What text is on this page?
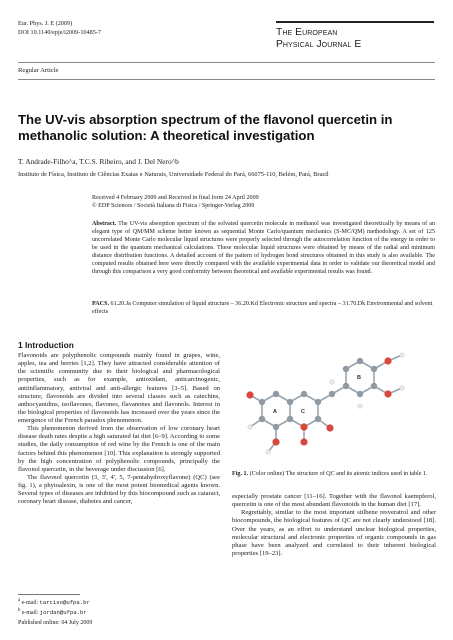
Eur. Phys. J. E (2009)
DOI 10.1140/epje/i2009-10485-7	The European
Physical Journal E
Regular Article
The UV-vis absorption spectrum of the flavonol quercetin in methanolic solution: A theoretical investigation
T. Andrade-Filho^a, T.C.S. Ribeiro, and J. Del Nero^b
Instituto de Física, Instituto de Ciências Exatas e Naturais, Universidade Federal do Pará, 66075-110, Belém, Pará, Brazil
Received 4 February 2009 and Received in final form 24 April 2009
© EDP Sciences / Società Italiana di Fisica / Springer-Verlag 2009
Abstract. The UV-vis absorption spectrum of the solvated quercetin molecule in methanol was investigated theoretically by means of an elegant type of QM/MM scheme better known as sequential Monte Carlo/quantum mechanics (S-MC/QM) methodology. A set of 125 uncorrelated Monte Carlo molecular liquid structures were properly selected through the autocorrelation function of the energy in order to be used in the quantum mechanical calculations. These molecular liquid structures were obtained by means of the radial and minimum distance distribution functions. A detailed account of the pattern of hydrogen bond structures obtained in this study is also available. The computed results obtained here were directly compared with the available experimental data in order to validate our theoretical model and through this comparison a very good conformity between theoretical and available experimental results was found.
PACS. 61.20.Ja Computer simulation of liquid structure – 36.20.Kd Electronic structure and spectra – 31.70.Dk Environmental and solvent effects
1 Introduction

Flavonoids are polyphenolic compounds mainly found in grapes, wine, apples, tea and berries [1,2]. They have attracted considerable attention of the scientific community due to their biological and pharmacological properties, such as for example, antioxidant, anticarcinogenic, antiinflammatory, antiviral and anti-allergic features [3–5]. Based on structure, flavonoids are divided into several classes such as catechins, anthocyanidins, isoflavones, flavones, flavanones and flavonols. Interest in the biological properties of flavonoids has increased over the years since the emergence of the French paradox phenomenon.

This phenomenon derived from the observation of low coronary heart disease death rates despite a high saturated fat diet [6–9]. According to some studies, the daily consumption of red wine by the French is one of the main factors behind this phenomenon [10]. This explanation is strongly supported by the high concentration of polyphenolic compounds, principally the flavonol quercetin, in the beverage under discussion [6].

The flavonol quercetin (3, 3', 4', 5, 7-pentahydroxyflavone) (QC) (see fig. 1), a phytoalexin, is one of the most potent biomedical agents known. Several types of diseases are inhibited by this biocompound such as cataract, coronary heart disease, diabetes and cancer,

$^a$ e-mail: tarciso@ufpa.br
$^b$ e-mail: jordan@ufpa.br
Published online: 04 July 2009
A	C
B
Fig. 1. (Color online) The structure of QC and its atomic indices used in table 1.

especially prostate cancer [11–16]. Together with the flavonol kaempferol, quercetin is one of the most abundant flavonoids in the human diet [17].

Regrettably, similar to the most important stilbene resveratrol and other biocompounds, the biological features of QC are not clearly understood [18]. Over the years, as an effort to understand unclear biological properties, molecular structural and electronic properties of organic compounds in gas phase have been analyzed and correlated to their inherent biological properties [19–23].
